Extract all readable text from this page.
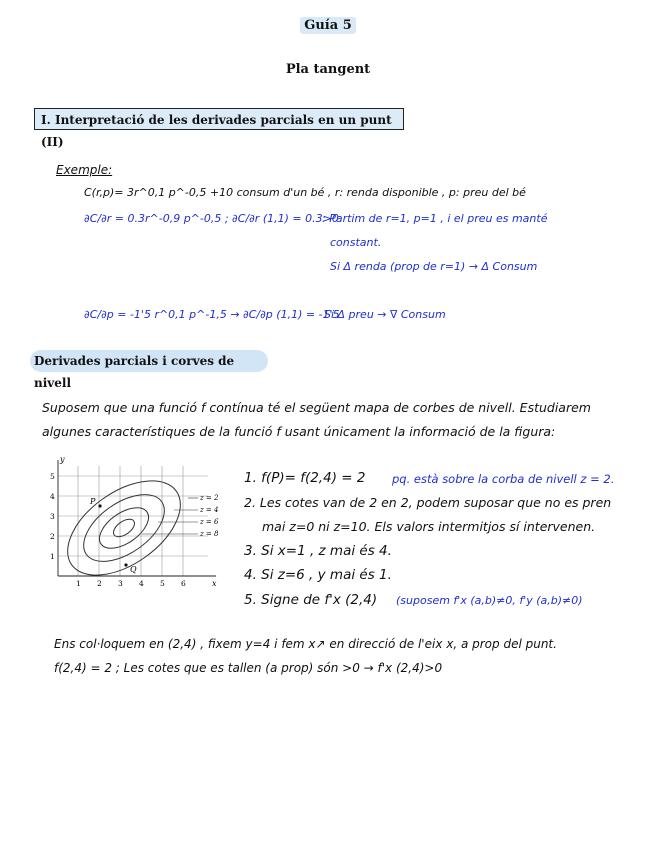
Guía 5
Pla tangent
I. Interpretació de les derivades parcials en un punt (II)
Exemple:
C(r,p)= 3r^0,1 p^-0,5 +10 consum d'un bé , r: renda disponible , p: preu del bé
∂C/∂r = 0.3r^-0,9 p^-0,5 ; ∂C/∂r (1,1) = 0.3>0
: Partim de r=1, p=1 , i el preu es manté
constant.
Si Δ renda (prop de r=1) → Δ Consum
∂C/∂p = -1'5 r^0,1 p^-1,5 → ∂C/∂p (1,1) = -1'5
Si Δ preu → ∇ Consum
Derivades parcials i corves de nivell
Suposem que una funció f contínua té el següent mapa de corbes de nivell. Estudiarem
algunes característiques de la funció f usant únicament la informació de la figura:
y
x
1 2 3 4 5 6
1
2
3
4
5
P
Q
z = 2
z = 4
z = 6
z = 8
1. f(P)= f(2,4) = 2 pq. està sobre la corba de nivell z = 2.
2. Les cotes van de 2 en 2, podem suposar que no es pren
mai z=0 ni z=10. Els valors intermitjos sí intervenen.
3. Si x=1 , z mai és 4.
4. Si z=6 , y mai és 1.
5. Signe de f'x (2,4) (suposem f'x (a,b)≠0, f'y (a,b)≠0)
Ens col·loquem en (2,4) , fixem y=4 i fem x↗ en direcció de l'eix x, a prop del punt.
f(2,4) = 2 ; Les cotes que es tallen (a prop) són >0 → f'x (2,4)>0
